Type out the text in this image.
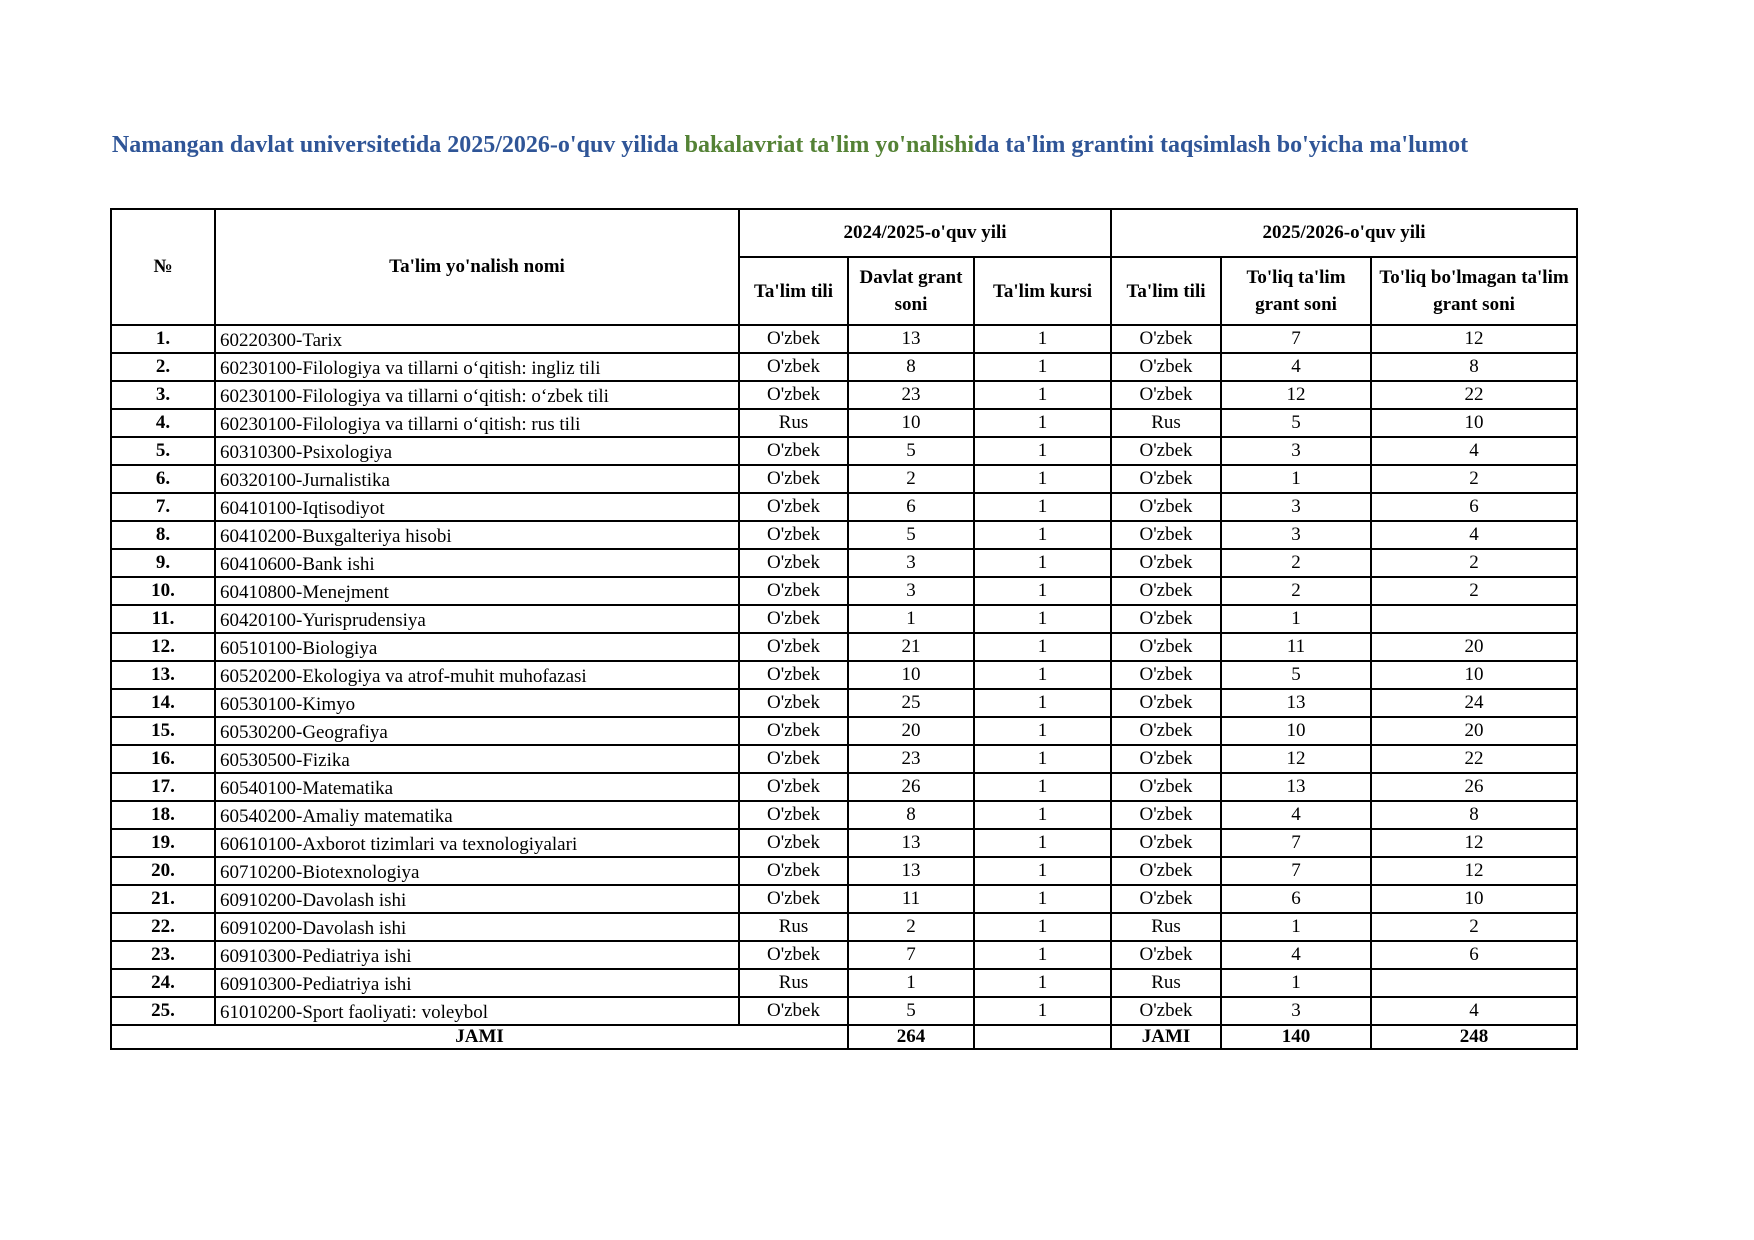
Namangan davlat universitetida 2025/2026-o'quv yilida bakalavriat ta'lim yo'nalishida ta'lim grantini taqsimlash bo'yicha ma'lumot
№	Ta'lim yo'nalish nomi	2024/2025-o'quv yili			2025/2026-o'quv yili		
		Ta'lim tili	Davlat grant soni	Ta'lim kursi	Ta'lim tili	To'liq ta'lim grant soni	To'liq bo'lmagan ta'lim grant soni
1.	60220300-Tarix	O'zbek	13	1	O'zbek	7	12
2.	60230100-Filologiya va tillarni o‘qitish: ingliz tili	O'zbek	8	1	O'zbek	4	8
3.	60230100-Filologiya va tillarni o‘qitish: o‘zbek tili	O'zbek	23	1	O'zbek	12	22
4.	60230100-Filologiya va tillarni o‘qitish: rus tili	Rus	10	1	Rus	5	10
5.	60310300-Psixologiya	O'zbek	5	1	O'zbek	3	4
6.	60320100-Jurnalistika	O'zbek	2	1	O'zbek	1	2
7.	60410100-Iqtisodiyot	O'zbek	6	1	O'zbek	3	6
8.	60410200-Buxgalteriya hisobi	O'zbek	5	1	O'zbek	3	4
9.	60410600-Bank ishi	O'zbek	3	1	O'zbek	2	2
10.	60410800-Menejment	O'zbek	3	1	O'zbek	2	2
11.	60420100-Yurisprudensiya	O'zbek	1	1	O'zbek	1	
12.	60510100-Biologiya	O'zbek	21	1	O'zbek	11	20
13.	60520200-Ekologiya va atrof-muhit muhofazasi	O'zbek	10	1	O'zbek	5	10
14.	60530100-Kimyo	O'zbek	25	1	O'zbek	13	24
15.	60530200-Geografiya	O'zbek	20	1	O'zbek	10	20
16.	60530500-Fizika	O'zbek	23	1	O'zbek	12	22
17.	60540100-Matematika	O'zbek	26	1	O'zbek	13	26
18.	60540200-Amaliy matematika	O'zbek	8	1	O'zbek	4	8
19.	60610100-Axborot tizimlari va texnologiyalari	O'zbek	13	1	O'zbek	7	12
20.	60710200-Biotexnologiya	O'zbek	13	1	O'zbek	7	12
21.	60910200-Davolash ishi	O'zbek	11	1	O'zbek	6	10
22.	60910200-Davolash ishi	Rus	2	1	Rus	1	2
23.	60910300-Pediatriya ishi	O'zbek	7	1	O'zbek	4	6
24.	60910300-Pediatriya ishi	Rus	1	1	Rus	1	
25.	61010200-Sport faoliyati: voleybol	O'zbek	5	1	O'zbek	3	4
JAMI			264		JAMI	140	248
